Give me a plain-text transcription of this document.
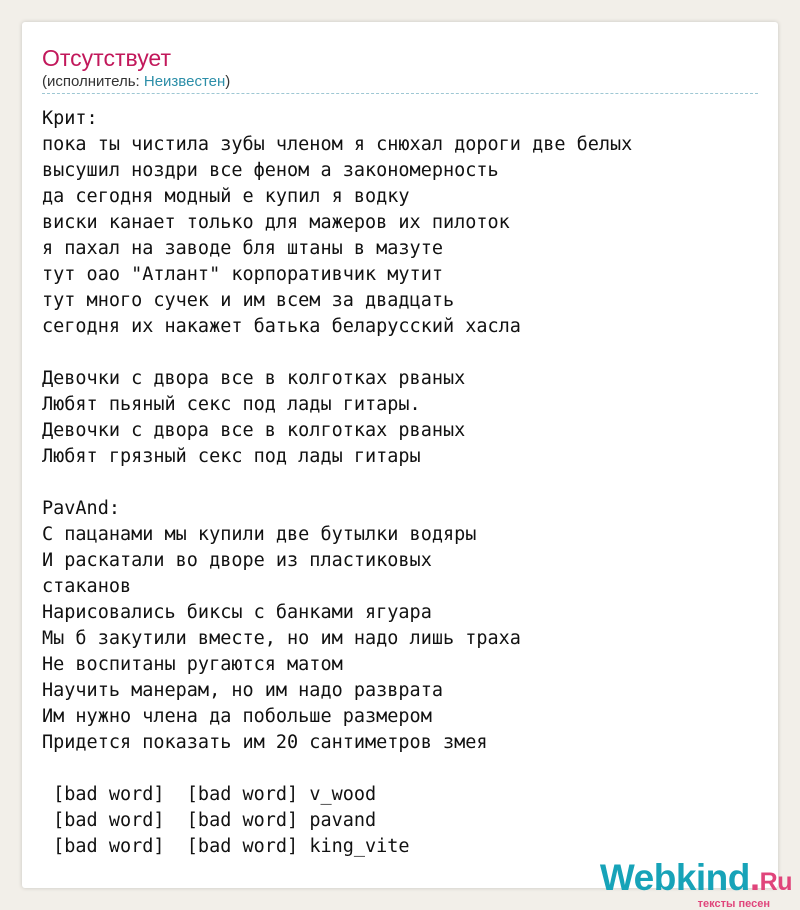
Отсутствует
(исполнитель: Неизвестен)
Крит:
пока ты чистила зубы членом я снюхал дороги две белых
высушил ноздри все феном а закономерность
да сегодня модный е купил я водку
виски канает только для мажеров их пилоток
я пахал на заводе бля штаны в мазуте
тут оао "Атлант" корпоративчик мутит
тут много сучек и им всем за двадцать
сегодня их накажет батька беларусский хасла

Девочки с двора все в колготках рваных
Любят пьяный секс под лады гитары.
Девочки с двора все в колготках рваных
Любят грязный секс под лады гитары

PavAnd:
С пацанами мы купили две бутылки водяры
И раскатали во дворе из пластиковых
стаканов
Нарисовались биксы с банками ягуара
Мы б закутили вместе, но им надо лишь траха
Не воспитаны ругаются матом
Научить манерам, но им надо разврата
Им нужно члена да побольше размером
Придется показать им 20 сантиметров змея

[bad word]  [bad word] v_wood
[bad word]  [bad word] pavand
[bad word]  [bad word] king_vite
Webkind.Ru
тексты песен
